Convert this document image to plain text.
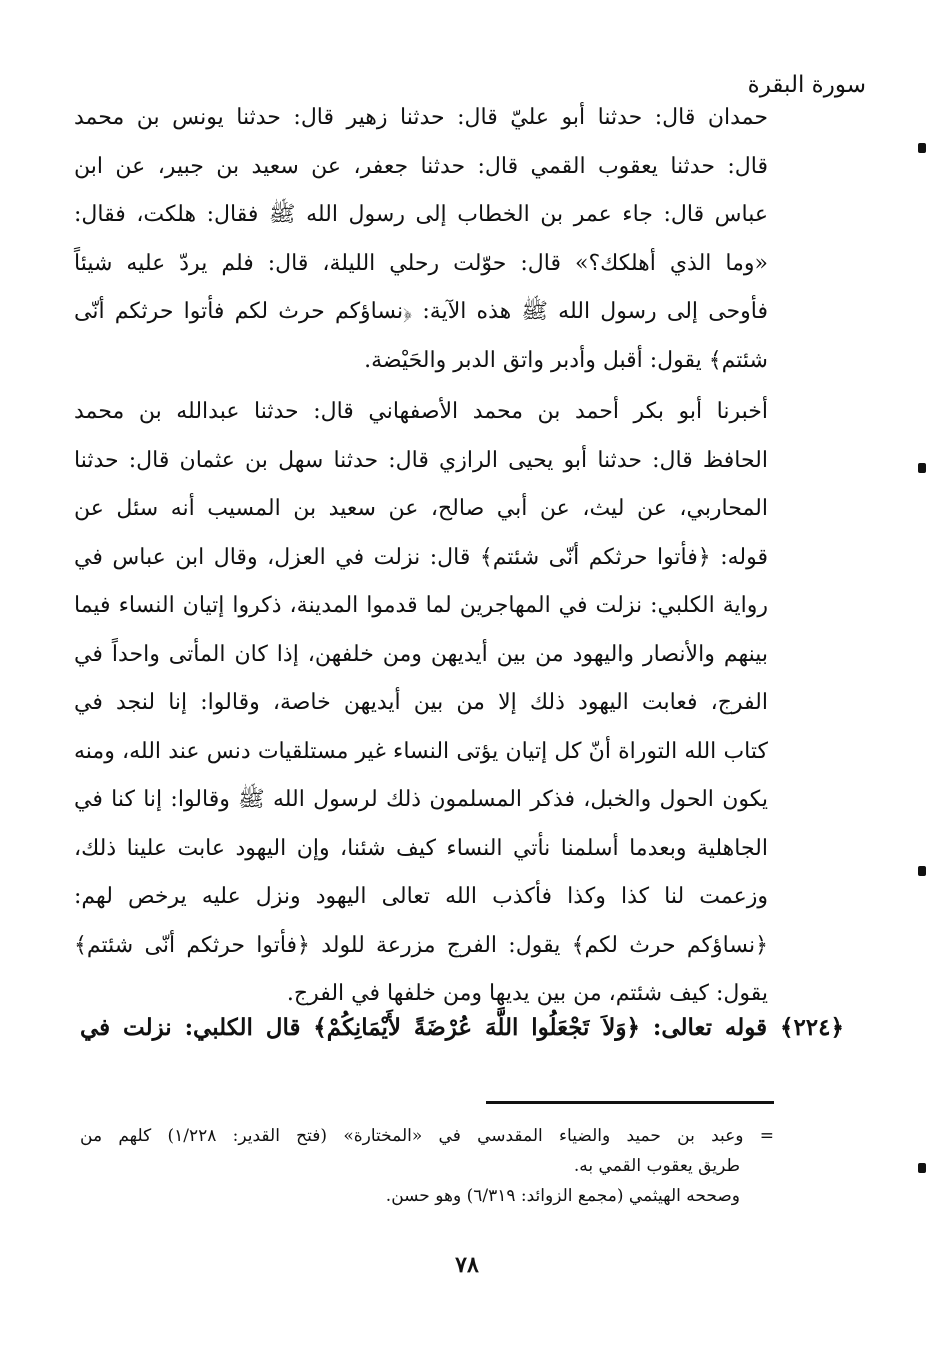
سورة البقرة
حمدان قال: حدثنا أبو عليّ قال: حدثنا زهير قال: حدثنا يونس بن محمد
قال: حدثنا يعقوب القمي قال: حدثنا جعفر، عن سعيد بن جبير، عن ابن
عباس قال: جاء عمر بن الخطاب إلى رسول الله ﷺ فقال: هلكت، فقال:
«وما الذي أهلكك؟» قال: حوّلت رحلي الليلة، قال: فلم يردّ عليه شيئاً
فأوحى إلى رسول الله ﷺ هذه الآية: ﴿نساؤكم حرث لكم فأتوا حرثكم أنّى
شئتم﴾ يقول: أقبل وأدبر واتق الدبر والحَيْضة.
أخبرنا أبو بكر أحمد بن محمد الأصفهاني قال: حدثنا عبدالله بن محمد
الحافظ قال: حدثنا أبو يحيى الرازي قال: حدثنا سهل بن عثمان قال: حدثنا
المحاربي، عن ليث، عن أبي صالح، عن سعيد بن المسيب أنه سئل عن
قوله: ﴿فأتوا حرثكم أنّى شئتم﴾ قال: نزلت في العزل، وقال ابن عباس في
رواية الكلبي: نزلت في المهاجرين لما قدموا المدينة، ذكروا إتيان النساء فيما
بينهم والأنصار واليهود من بين أيديهن ومن خلفهن، إذا كان المأتى واحداً في
الفرج، فعابت اليهود ذلك إلا من بين أيديهن خاصة، وقالوا: إنا لنجد في
كتاب الله التوراة أنّ كل إتيان يؤتى النساء غير مستلقيات دنس عند الله، ومنه
يكون الحول والخبل، فذكر المسلمون ذلك لرسول الله ﷺ وقالوا: إنا كنا في
الجاهلية وبعدما أسلمنا نأتي النساء كيف شئنا، وإن اليهود عابت علينا ذلك،
وزعمت لنا كذا وكذا فأكذب الله تعالى اليهود ونزل عليه يرخص لهم:
﴿نساؤكم حرث لكم﴾ يقول: الفرج مزرعة للولد ﴿فأتوا حرثكم أنّى شئتم﴾
يقول: كيف شئتم، من بين يديها ومن خلفها في الفرج.
﴿٢٢٤﴾ قوله تعالى: ﴿وَلاَ تَجْعَلُوا اللَّهَ عُرْضَةً لأَيْمَانِكُمْ﴾ قال الكلبي: نزلت في
= وعبد بن حميد والضياء المقدسي في «المختارة» (فتح القدير: ١/٢٢٨) كلهم من
طريق يعقوب القمي به.
وصححه الهيثمي (مجمع الزوائد: ٦/٣١٩) وهو حسن.
٧٨
